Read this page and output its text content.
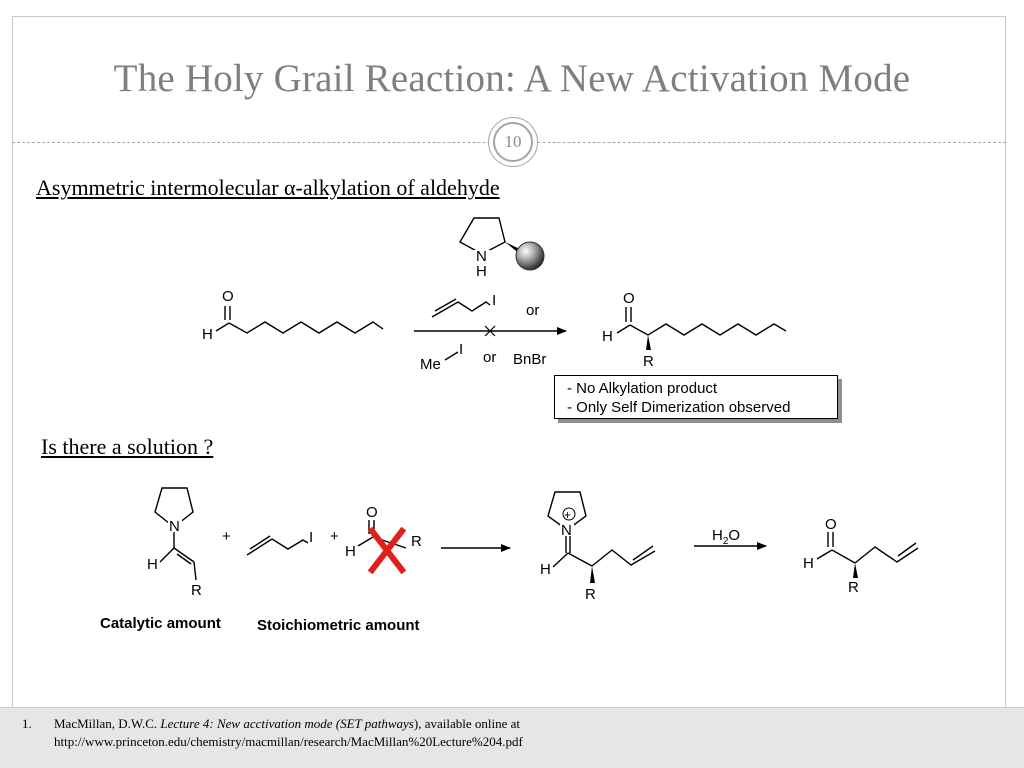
The Holy Grail Reaction: A New Activation Mode
10
Asymmetric intermolecular α-alkylation of aldehyde
Is there a solution ?
N
H
O
H
I
or
Me
I or BnBr
O
H
R
N
H
R
+	I +
O
H
R
+
N
H
R
$H_2O$
O
H
R
- No Alkylation product
- Only Self Dimerization observed
Catalytic amount Stoichiometric amount
1. MacMillan, D.W.C. Lecture 4: New acctivation mode (SET pathways), available online at
http://www.princeton.edu/chemistry/macmillan/research/MacMillan%20Lecture%204.pdf
